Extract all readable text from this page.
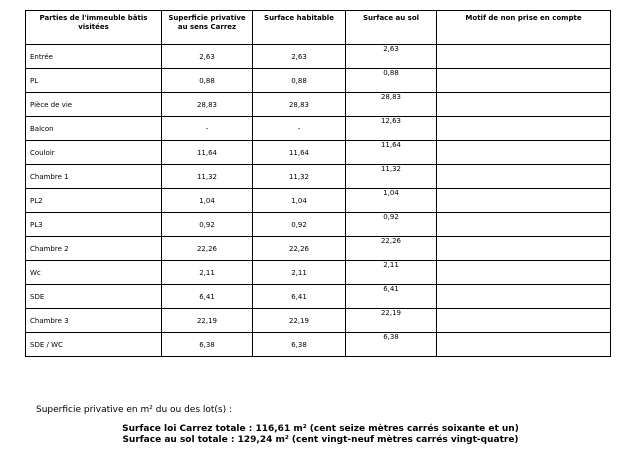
Parties de l'immeuble bâtis visitées	Superficie privative au sens Carrez	Surface habitable	Surface au sol	Motif de non prise en compte
Entrée	2,63	2,63	2,63	
PL	0,88	0,88	0,88	
Pièce de vie	28,83	28,83	28,83	
Balcon	-	-	12,63	
Couloir	11,64	11,64	11,64	
Chambre 1	11,32	11,32	11,32	
PL2	1,04	1,04	1,04	
PL3	0,92	0,92	0,92	
Chambre 2	22,26	22,26	22,26	
Wc	2,11	2,11	2,11	
SDE	6,41	6,41	6,41	
Chambre 3	22,19	22,19	22,19	
SDE / WC	6,38	6,38	6,38	
Superficie privative en m² du ou des lot(s) :
Surface loi Carrez totale : 116,61 m² (cent seize mètres carrés soixante et un)
Surface au sol totale : 129,24 m² (cent vingt-neuf mètres carrés vingt-quatre)
